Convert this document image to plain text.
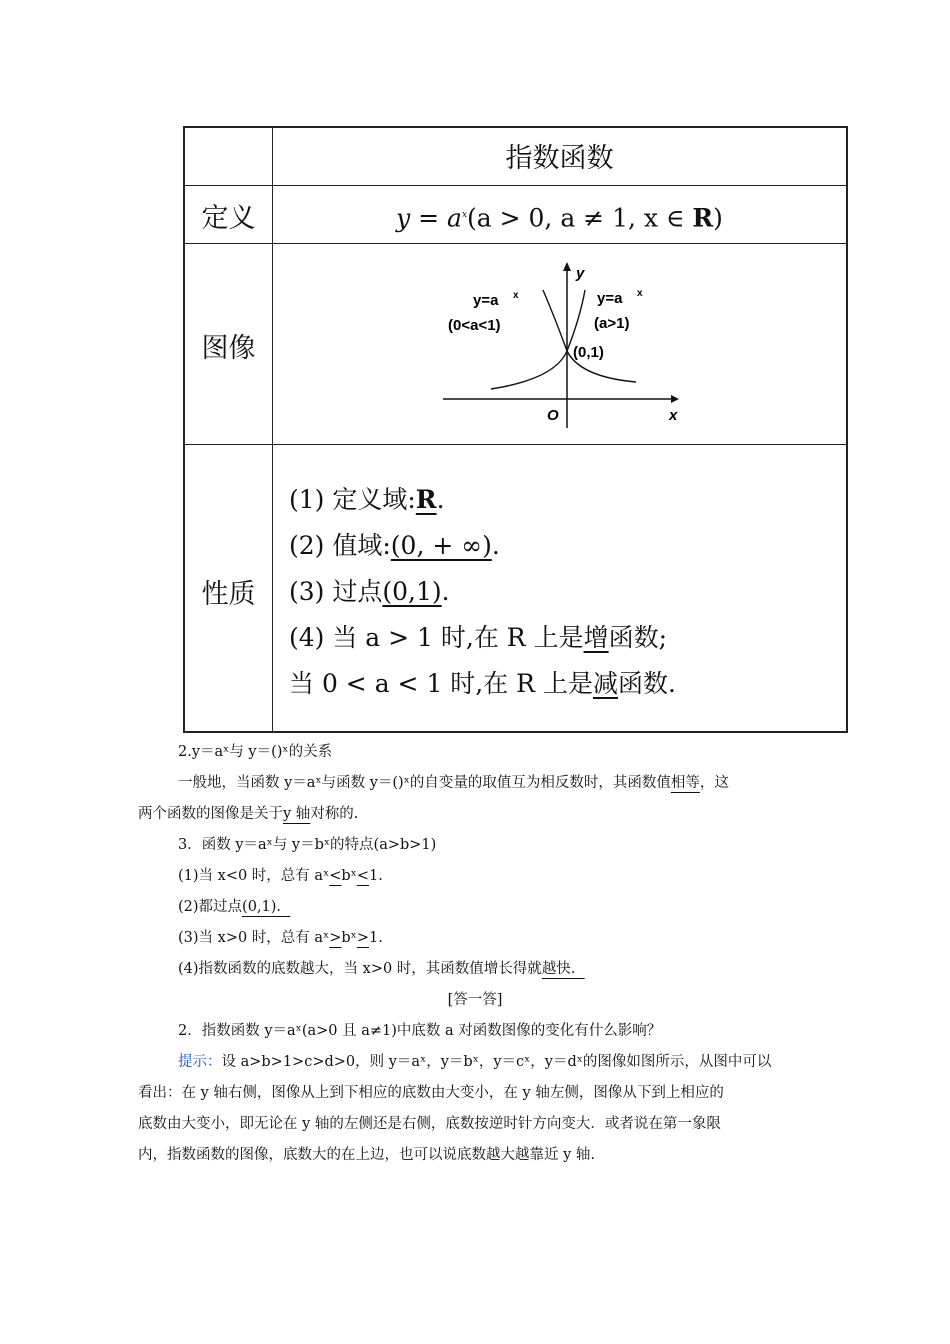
指数函数
定义	$y = a^x(a > 0$, a ≠ 1, x ∈ R)
图像
y
x
O
y=a x
(0<a<1)
y=a x
(a>1)
(0,1)
性质
(1) 定义域:R.
(2) 值域:(0, + ∞).
(3) 过点(0,1).
(4) 当 a > 1 时,在 R 上是增函数;
当 0 < a < 1 时,在 R 上是减函数.
2.y＝aˣ与 y＝()ˣ的关系
一般地，当函数 y＝aˣ与函数 y＝()ˣ的自变量的取值互为相反数时，其函数值相等，这
两个函数的图像是关于y 轴对称的.
3．函数 y＝aˣ与 y＝bˣ的特点(a>b>1)
(1)当 x<0 时，总有 aˣ<bˣ<1.
(2)都过点(0,1).
(3)当 x>0 时，总有 aˣ>bˣ>1.
(4)指数函数的底数越大，当 x>0 时，其函数值增长得就越快.
[答一答]
2．指数函数 y＝aˣ(a>0 且 a≠1)中底数 a 对函数图像的变化有什么影响？
提示：设 a>b>1>c>d>0，则 y＝aˣ，y＝bˣ，y＝cˣ，y＝dˣ的图像如图所示，从图中可以
看出：在 y 轴右侧，图像从上到下相应的底数由大变小，在 y 轴左侧，图像从下到上相应的
底数由大变小，即无论在 y 轴的左侧还是右侧，底数按逆时针方向变大．或者说在第一象限
内，指数函数的图像，底数大的在上边，也可以说底数越大越靠近 y 轴.
